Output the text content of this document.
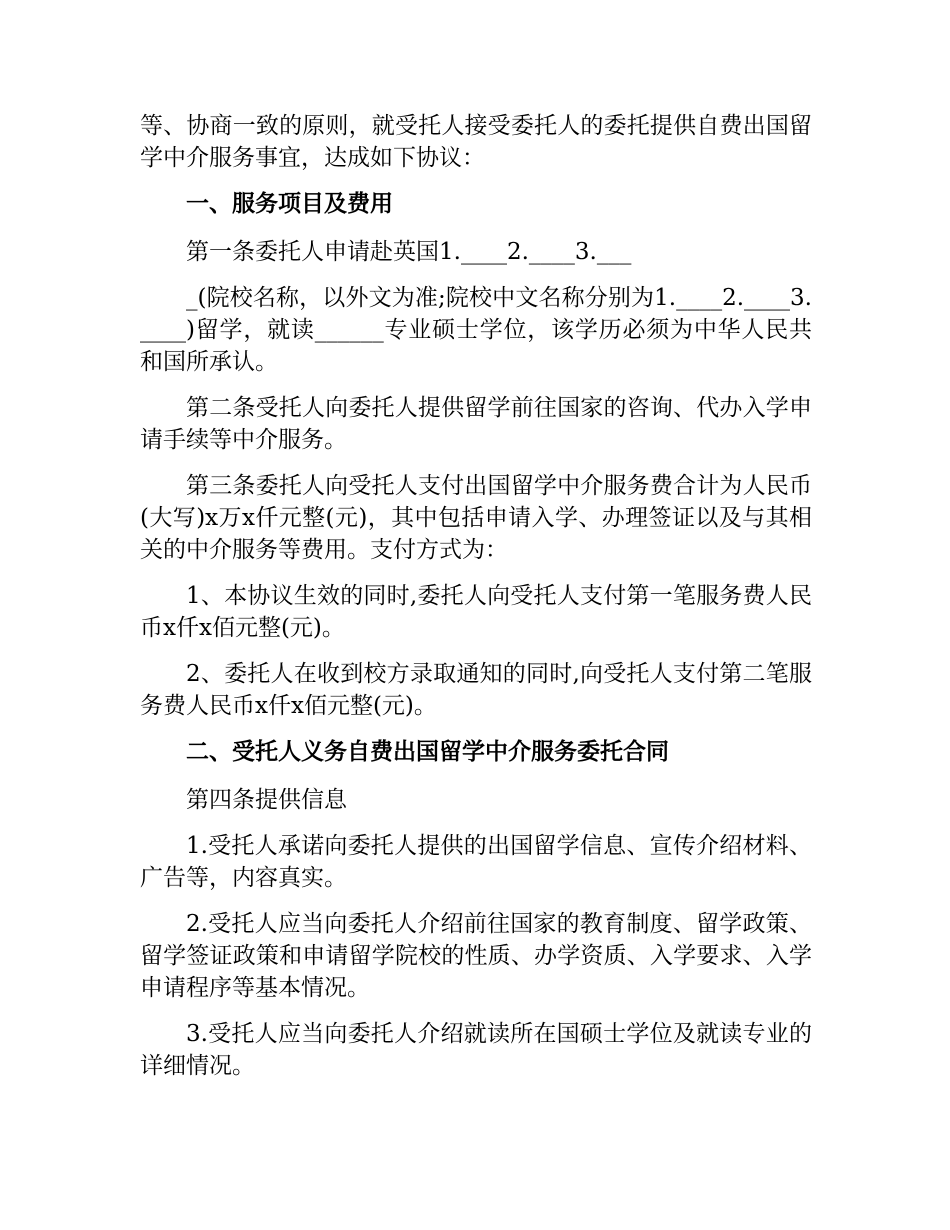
等、协商一致的原则，就受托人接受委托人的委托提供自费出国留学中介服务事宜，达成如下协议：

一、服务项目及费用

第一条委托人申请赴英国1.____2.____3.___

_(院校名称，以外文为准;院校中文名称分别为1.____2.____3.____)留学，就读______专业硕士学位，该学历必须为中华人民共和国所承认。

第二条受托人向委托人提供留学前往国家的咨询、代办入学申请手续等中介服务。

第三条委托人向受托人支付出国留学中介服务费合计为人民币(大写)x万x仟元整(元)，其中包括申请入学、办理签证以及与其相关的中介服务等费用。支付方式为：

1、本协议生效的同时,委托人向受托人支付第一笔服务费人民币x仟x佰元整(元)。

2、委托人在收到校方录取通知的同时,向受托人支付第二笔服务费人民币x仟x佰元整(元)。

二、受托人义务自费出国留学中介服务委托合同

第四条提供信息

1.受托人承诺向委托人提供的出国留学信息、宣传介绍材料、广告等，内容真实。

2.受托人应当向委托人介绍前往国家的教育制度、留学政策、留学签证政策和申请留学院校的性质、办学资质、入学要求、入学申请程序等基本情况。

3.受托人应当向委托人介绍就读所在国硕士学位及就读专业的详细情况。
